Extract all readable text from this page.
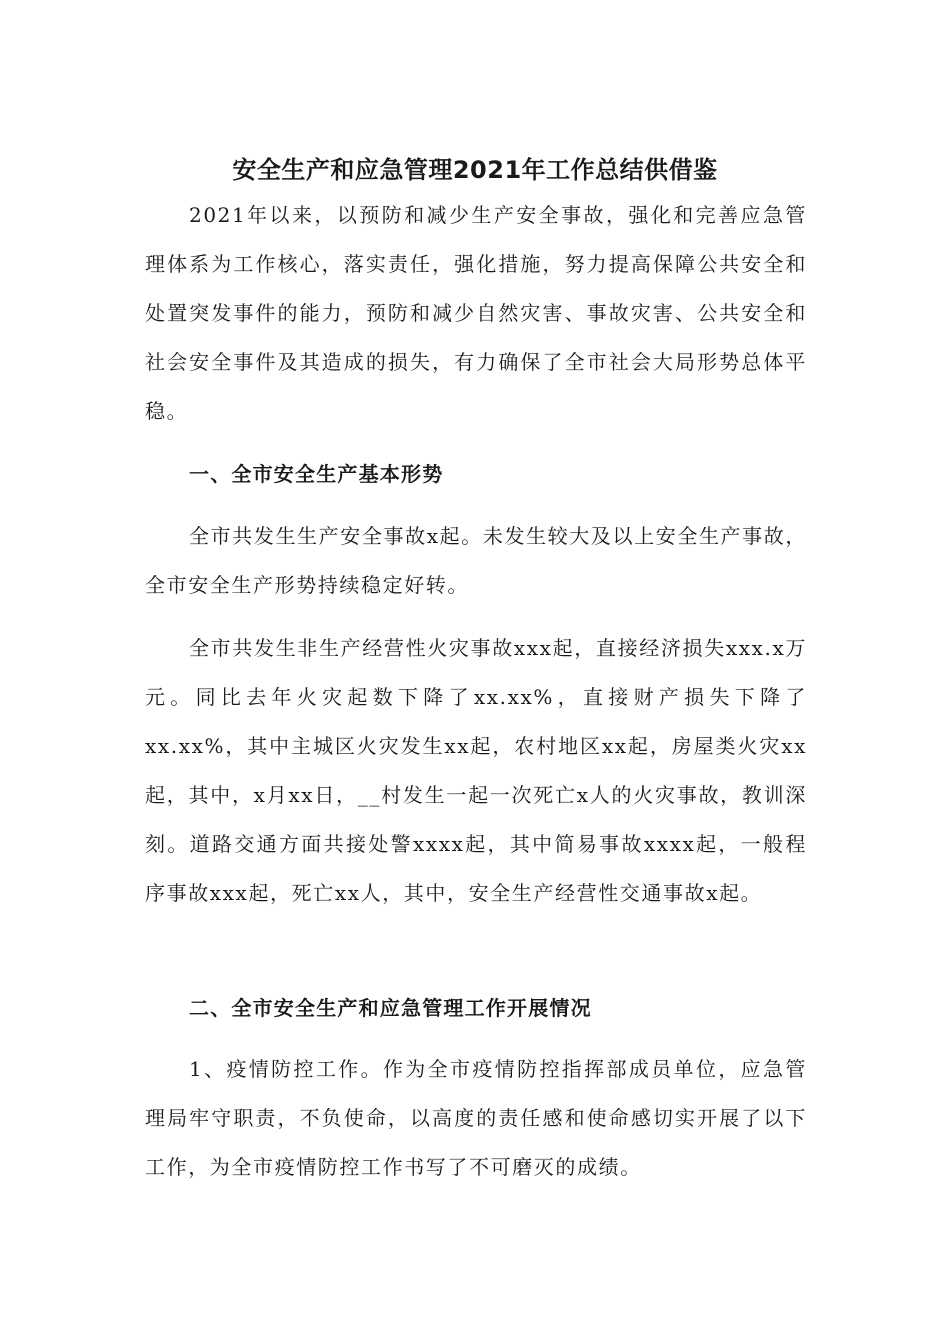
安全生产和应急管理2021年工作总结供借鉴

2021年以来，以预防和减少生产安全事故，强化和完善应急管理体系为工作核心，落实责任，强化措施，努力提高保障公共安全和处置突发事件的能力，预防和减少自然灾害、事故灾害、公共安全和社会安全事件及其造成的损失，有力确保了全市社会大局形势总体平稳。

一、全市安全生产基本形势

全市共发生生产安全事故x起。未发生较大及以上安全生产事故，全市安全生产形势持续稳定好转。

全市共发生非生产经营性火灾事故xxx起，直接经济损失xxx.x万元。同比去年火灾起数下降了xx.xx%，直接财产损失下降了xx.xx%，其中主城区火灾发生xx起，农村地区xx起，房屋类火灾xx起，其中，x月xx日，__村发生一起一次死亡x人的火灾事故，教训深刻。道路交通方面共接处警xxxx起，其中简易事故xxxx起，一般程序事故xxx起，死亡xx人，其中，安全生产经营性交通事故x起。

二、全市安全生产和应急管理工作开展情况

1、疫情防控工作。作为全市疫情防控指挥部成员单位，应急管理局牢守职责，不负使命，以高度的责任感和使命感切实开展了以下工作，为全市疫情防控工作书写了不可磨灭的成绩。
